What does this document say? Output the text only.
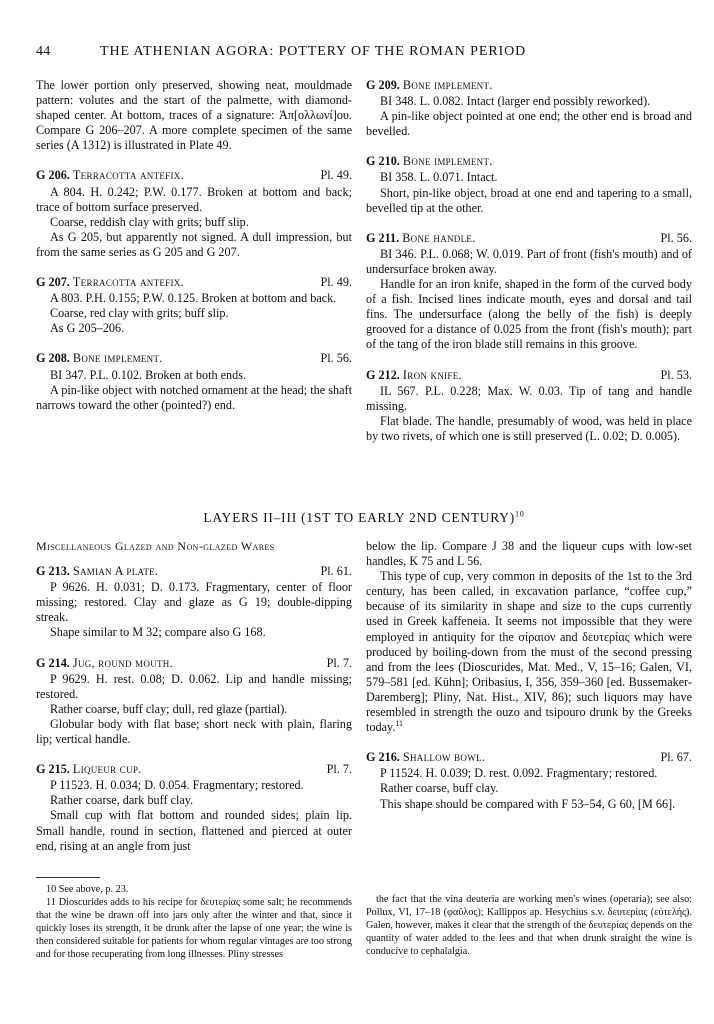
44	THE ATHENIAN AGORA: POTTERY OF THE ROMAN PERIOD

The lower portion only preserved, showing neat, mouldmade pattern: volutes and the start of the palmette, with diamond-shaped center. At bottom, traces of a signature: Ἀπ[ολλωνί]ου. Compare G 206–207. A more complete specimen of the same series (A 1312) is illustrated in Plate 49.

G 206. Terracotta antefix.	Pl. 49.

A 804. H. 0.242; P.W. 0.177. Broken at bottom and back; trace of bottom surface preserved.

Coarse, reddish clay with grits; buff slip.

As G 205, but apparently not signed. A dull impression, but from the same series as G 205 and G 207.

G 207. Terracotta antefix.	Pl. 49.

A 803. P.H. 0.155; P.W. 0.125. Broken at bottom and back.

Coarse, red clay with grits; buff slip.

As G 205–206.

G 208. Bone implement.	Pl. 56.

BI 347. P.L. 0.102. Broken at both ends.

A pin-like object with notched ornament at the head; the shaft narrows toward the other (pointed?) end.

G 209. Bone implement.

BI 348. L. 0.082. Intact (larger end possibly reworked).

A pin-like object pointed at one end; the other end is broad and bevelled.

G 210. Bone implement.

BI 358. L. 0.071. Intact.

Short, pin-like object, broad at one end and tapering to a small, bevelled tip at the other.

G 211. Bone handle.	Pl. 56.

BI 346. P.L. 0.068; W. 0.019. Part of front (fish's mouth) and of undersurface broken away.

Handle for an iron knife, shaped in the form of the curved body of a fish. Incised lines indicate mouth, eyes and dorsal and tail fins. The undersurface (along the belly of the fish) is deeply grooved for a distance of 0.025 from the front (fish's mouth); part of the tang of the iron blade still remains in this groove.

G 212. Iron knife.	Pl. 53.

IL 567. P.L. 0.228; Max. W. 0.03. Tip of tang and handle missing.

Flat blade. The handle, presumably of wood, was held in place by two rivets, of which one is still preserved (L. 0.02; D. 0.005).

LAYERS II–III (1ST TO EARLY 2ND CENTURY)$^{10}$
Miscellaneous Glazed and Non-glazed Wares
G 213. Samian A plate.	Pl. 61.

P 9626. H. 0.031; D. 0.173. Fragmentary, center of floor missing; restored. Clay and glaze as G 19; double-dipping streak.

Shape similar to M 32; compare also G 168.

G 214. Jug, round mouth.	Pl. 7.

P 9629. H. rest. 0.08; D. 0.062. Lip and handle missing; restored.

Rather coarse, buff clay; dull, red glaze (partial).

Globular body with flat base; short neck with plain, flaring lip; vertical handle.

G 215. Liqueur cup.	Pl. 7.

P 11523. H. 0.034; D. 0.054. Fragmentary; restored.

Rather coarse, dark buff clay.

Small cup with flat bottom and rounded sides; plain lip. Small handle, round in section, flattened and pierced at outer end, rising at an angle from just

below the lip. Compare J 38 and the liqueur cups with low-set handles, K 75 and L 56.

This type of cup, very common in deposits of the 1st to the 3rd century, has been called, in excavation parlance, “coffee cup,” because of its similarity in shape and size to the cups currently used in Greek kaffeneia. It seems not impossible that they were employed in antiquity for the σίραιον and δευτερίας which were produced by boiling-down from the must of the second pressing and from the lees (Dioscurides, Mat. Med., V, 15–16; Galen, VI, 579–581 [ed. Kühn]; Oribasius, I, 356, 359–360 [ed. Bussemaker-Daremberg]; Pliny, Nat. Hist., XIV, 86); such liquors may have resembled in strength the ouzo and tsipouro drunk by the Greeks today.$^{11}$

G 216. Shallow bowl.	Pl. 67.

P 11524. H. 0.039; D. rest. 0.092. Fragmentary; restored.

Rather coarse, buff clay.

This shape should be compared with F 53–54, G 60, [M 66].

10 See above, p. 23.

11 Dioscurides adds to his recipe for δευτερίας some salt; he recommends that the wine be drawn off into jars only after the winter and that, since it quickly loses its strength, it be drunk after the lapse of one year; the wine is then considered suitable for patients for whom regular vintages are too strong and for those recuperating from long illnesses. Pliny stresses

the fact that the vina deuteria are working men's wines (operaria); see also: Pollux, VI, 17–18 (φαῦλος); Kallippos ap. Hesychius s.v. δευτερίας (εὐτελής). Galen, however, makes it clear that the strength of the δευτερίας depends on the quantity of water added to the lees and that when drunk straight the wine is conducive to cephalalgia.
